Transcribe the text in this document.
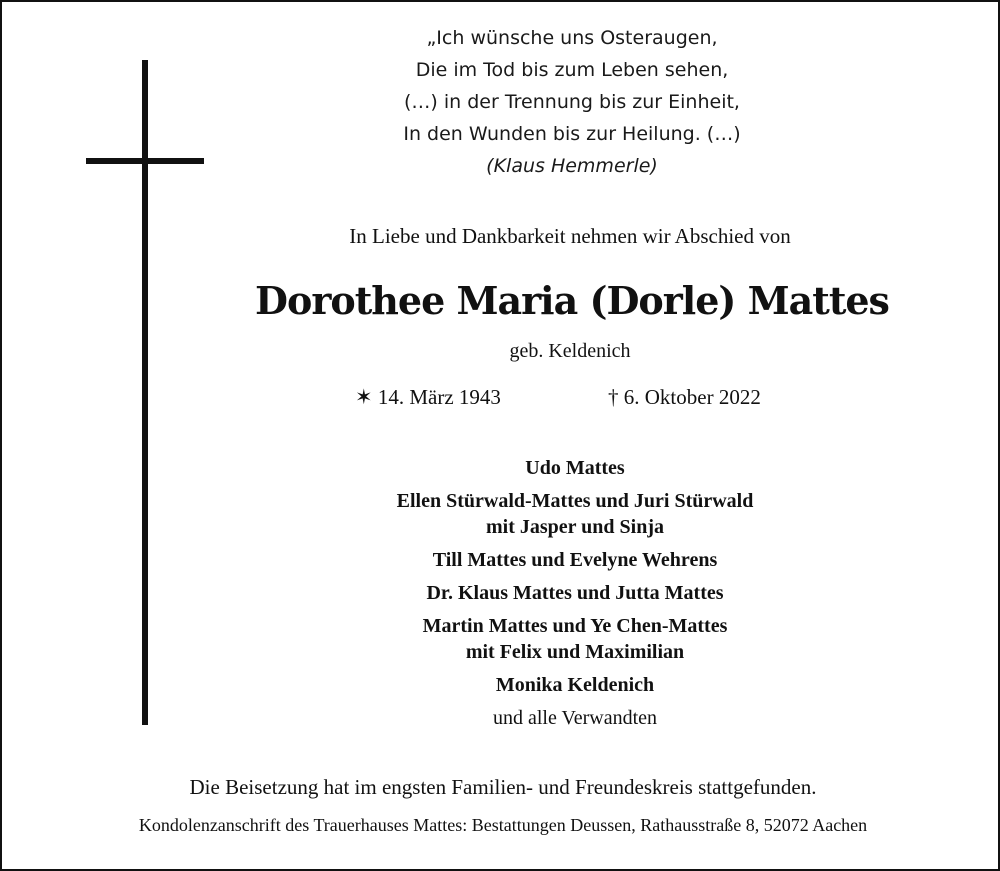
„Ich wünsche uns Osteraugen,
Die im Tod bis zum Leben sehen,
(…) in der Trennung bis zur Einheit,
In den Wunden bis zur Heilung. (…)
(Klaus Hemmerle)
In Liebe und Dankbarkeit nehmen wir Abschied von
Dorothee Maria (Dorle) Mattes
geb. Keldenich
✶ 14. März 1943	† 6. Oktober 2022
Udo Mattes
Ellen Stürwald-Mattes und Juri Stürwald
mit Jasper und Sinja
Till Mattes und Evelyne Wehrens
Dr. Klaus Mattes und Jutta Mattes
Martin Mattes und Ye Chen-Mattes
mit Felix und Maximilian
Monika Keldenich
und alle Verwandten
Die Beisetzung hat im engsten Familien- und Freundeskreis stattgefunden.
Kondolenzanschrift des Trauerhauses Mattes: Bestattungen Deussen, Rathausstraße 8, 52072 Aachen
